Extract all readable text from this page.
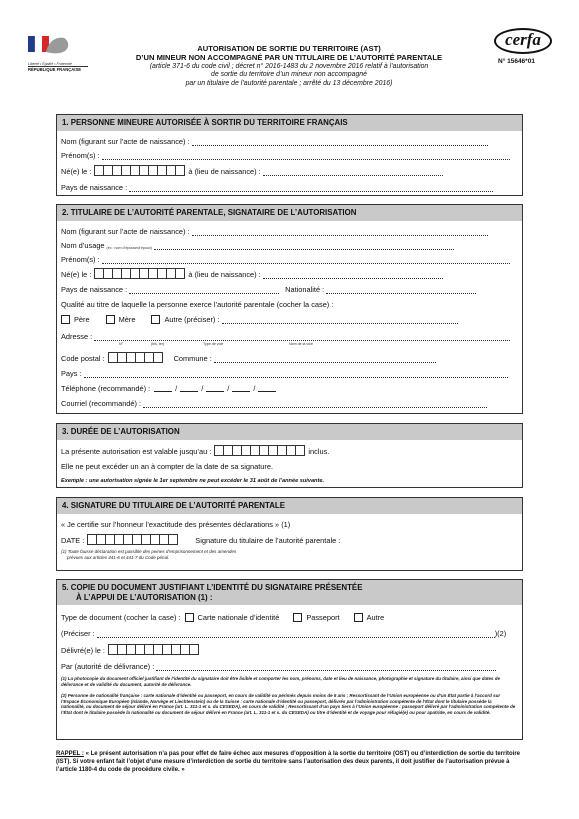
Liberté • Égalité • Fraternité
RÉPUBLIQUE FRANÇAISE
AUTORISATION DE SORTIE DU TERRITOIRE (AST)
D’UN MINEUR NON ACCOMPAGNÉ PAR UN TITULAIRE DE L’AUTORITÉ PARENTALE
(article 371-6 du code civil ; décret n° 2016-1483 du 2 novembre 2016 relatif à l’autorisation
de sortie du territoire d’un mineur non accompagné
par un titulaire de l’autorité parentale ; arrêté du 13 décembre 2016)
cerfa
N° 15646*01
1. PERSONNE MINEURE AUTORISÉE À SORTIR DU TERRITOIRE FRANÇAIS
Nom (figurant sur l’acte de naissance) :
Prénom(s) :
Né(e) le :	à (lieu de naissance) :
Pays de naissance :
2. TITULAIRE DE L’AUTORITÉ PARENTALE, SIGNATAIRE DE L’AUTORISATION
Nom (figurant sur l’acte de naissance) :
Nom d’usage (ex : nom d’épouse/d’époux)
Prénom(s) :
Né(e) le :	à (lieu de naissance) :
Pays de naissance :	Nationalité :
Qualité au titre de laquelle la personne exerce l’autorité parentale (cocher la case) :
Père	Mère	Autre (préciser) :
Adresse :
N°	(bis, ter)	Type de voie	Nom de la voie
Code postal :	Commune :
Pays :
Téléphone (recommandé) :	/	/	/	/
Courriel (recommandé) :
3. DURÉE DE L’AUTORISATION
La présente autorisation est valable jusqu’au :	inclus.
Elle ne peut excéder un an à compter de la date de sa signature.
Exemple : une autorisation signée le 1er septembre ne peut excéder le 31 août de l’année suivante.
4. SIGNATURE DU TITULAIRE DE L’AUTORITÉ PARENTALE
« Je certifie sur l’honneur l’exactitude des présentes déclarations » (1)
DATE :	Signature du titulaire de l’autorité parentale :
(1) Toute fausse déclaration est passible des peines d’emprisonnement et des amendes
prévues aux articles 441-6 et 441-7 du Code pénal.
5. COPIE DU DOCUMENT JUSTIFIANT L’IDENTITÉ DU SIGNATAIRE PRÉSENTÉE
À L’APPUI DE L’AUTORISATION (1) :
Type de document (cocher la case) : Carte nationale d’identité	Passeport	Autre
(Préciser :	)(2)
Délivré(e) le :
Par (autorité de délivrance) :
(1) La photocopie du document officiel justifiant de l’identité du signataire doit être lisible et comporter les nom, prénoms, date et lieu de naissance, photographie et signature du titulaire, ainsi que dates de délivrance et de validité du document, autorité de délivrance.
(2) Personne de nationalité française : carte nationale d’identité ou passeport, en cours de validité ou périmés depuis moins de 5 ans ; Ressortissant de l’Union européenne ou d’un État partie à l’accord sur l’Espace Économique Européen (Islande, Norvège et Liechtenstein) ou de la Suisse : carte nationale d’identité ou passeport, délivrés par l’administration compétente de l’État dont le titulaire possède la nationalité, ou document de séjour délivré en France (art. L. 311-1 et s. du CESEDA), en cours de validité ; Ressortissant d’un pays tiers à l’Union européenne : passeport délivré par l’administration compétente de l’État dont le titulaire possède la nationalité ou document de séjour délivré en France (art. L. 311-1 et s. du CESEDA) ou titre d’identité et de voyage pour réfugié(e) ou pour apatride, en cours de validité.
RAPPEL : « Le présent autorisation n’a pas pour effet de faire échec aux mesures d’opposition à la sortie du territoire (OST) ou d’interdiction de sortie du territoire (IST). Si votre enfant fait l’objet d’une mesure d’interdiction de sortie du territoire sans l’autorisation des deux parents, il doit justifier de l’autorisation prévue à l’article 1180-4 du code de procédure civile. »
